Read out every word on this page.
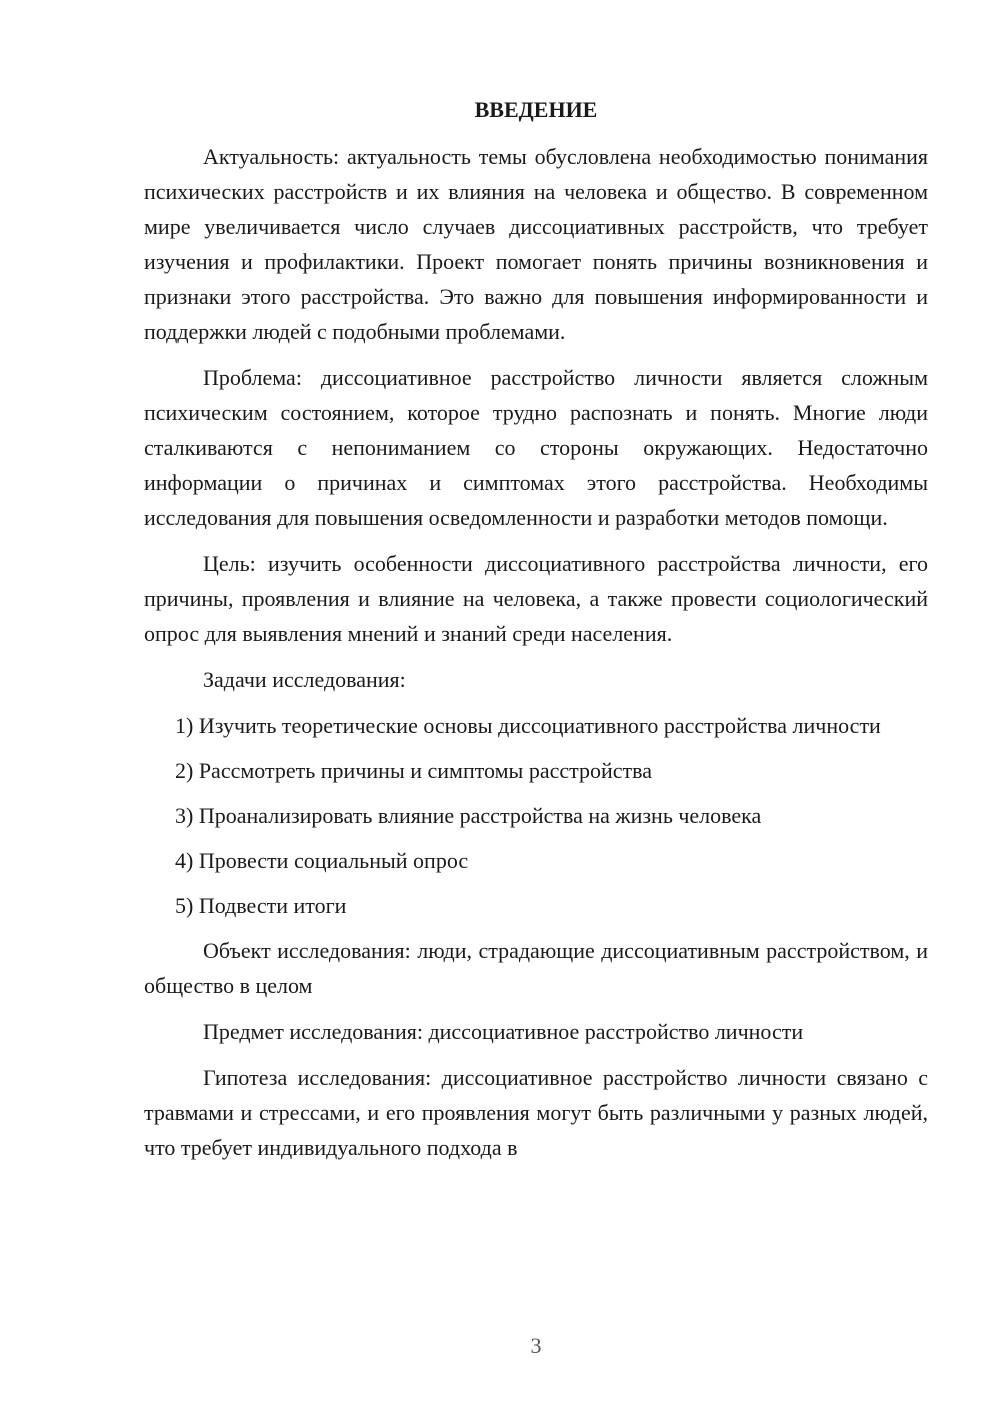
ВВЕДЕНИЕ

Актуальность: актуальность темы обусловлена необходимостью понимания психических расстройств и их влияния на человека и общество. В современном мире увеличивается число случаев диссоциативных расстройств, что требует изучения и профилактики. Проект помогает понять причины возникновения и признаки этого расстройства. Это важно для повышения информированности и поддержки людей с подобными проблемами.

Проблема: диссоциативное расстройство личности является сложным психическим состоянием, которое трудно распознать и понять. Многие люди сталкиваются с непониманием со стороны окружающих. Недостаточно информации о причинах и симптомах этого расстройства. Необходимы исследования для повышения осведомленности и разработки методов помощи.

Цель: изучить особенности диссоциативного расстройства личности, его причины, проявления и влияние на человека, а также провести социологический опрос для выявления мнений и знаний среди населения.

Задачи исследования:

1) Изучить теоретические основы диссоциативного расстройства личности

2) Рассмотреть причины и симптомы расстройства

3) Проанализировать влияние расстройства на жизнь человека

4) Провести социальный опрос

5) Подвести итоги

Объект исследования: люди, страдающие диссоциативным расстройством, и общество в целом

Предмет исследования: диссоциативное расстройство личности

Гипотеза исследования: диссоциативное расстройство личности связано с травмами и стрессами, и его проявления могут быть различными у разных людей, что требует индивидуального подхода в

3
